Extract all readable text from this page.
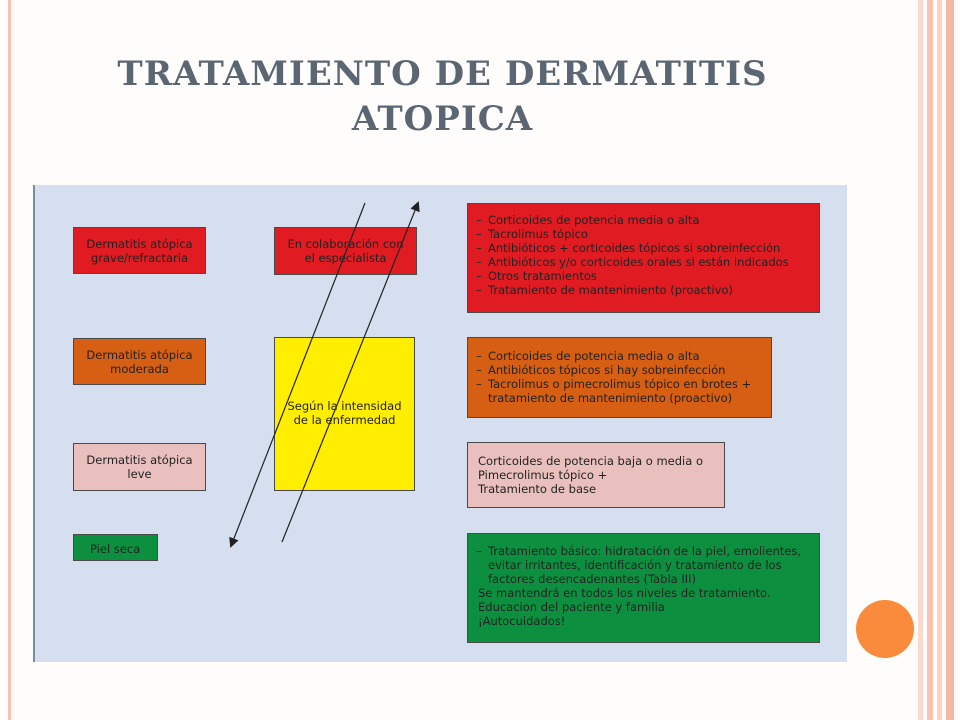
TRATAMIENTO DE DERMATITIS
ATOPICA
Dermatitis atópica
grave/refractaria
Dermatitis atópica
moderada
Dermatitis atópica
leve
Piel seca
En colaboración con
el especialista
Según la intensidad
de la enfermedad
– Corticoides de potencia media o alta
– Tacrolimus tópico
– Antibióticos + corticoides tópicos si sobreinfección
– Antibióticos y/o corticoides orales si están indicados
– Otros tratamientos
– Tratamiento de mantenimiento (proactivo)
– Corticoides de potencia media o alta
– Antibióticos tópicos si hay sobreinfección
– Tacrolimus o pimecrolimus tópico en brotes +
tratamiento de mantenimiento (proactivo)
Corticoides de potencia baja o media o
Pimecrolimus tópico +
Tratamiento de base
– Tratamiento básico: hidratación de la piel, emolientes,
evitar irritantes, identificación y tratamiento de los
factores desencadenantes (Tabla III)
Se mantendrá en todos los niveles de tratamiento.
Educacion del paciente y familia
¡Autocuidados!
